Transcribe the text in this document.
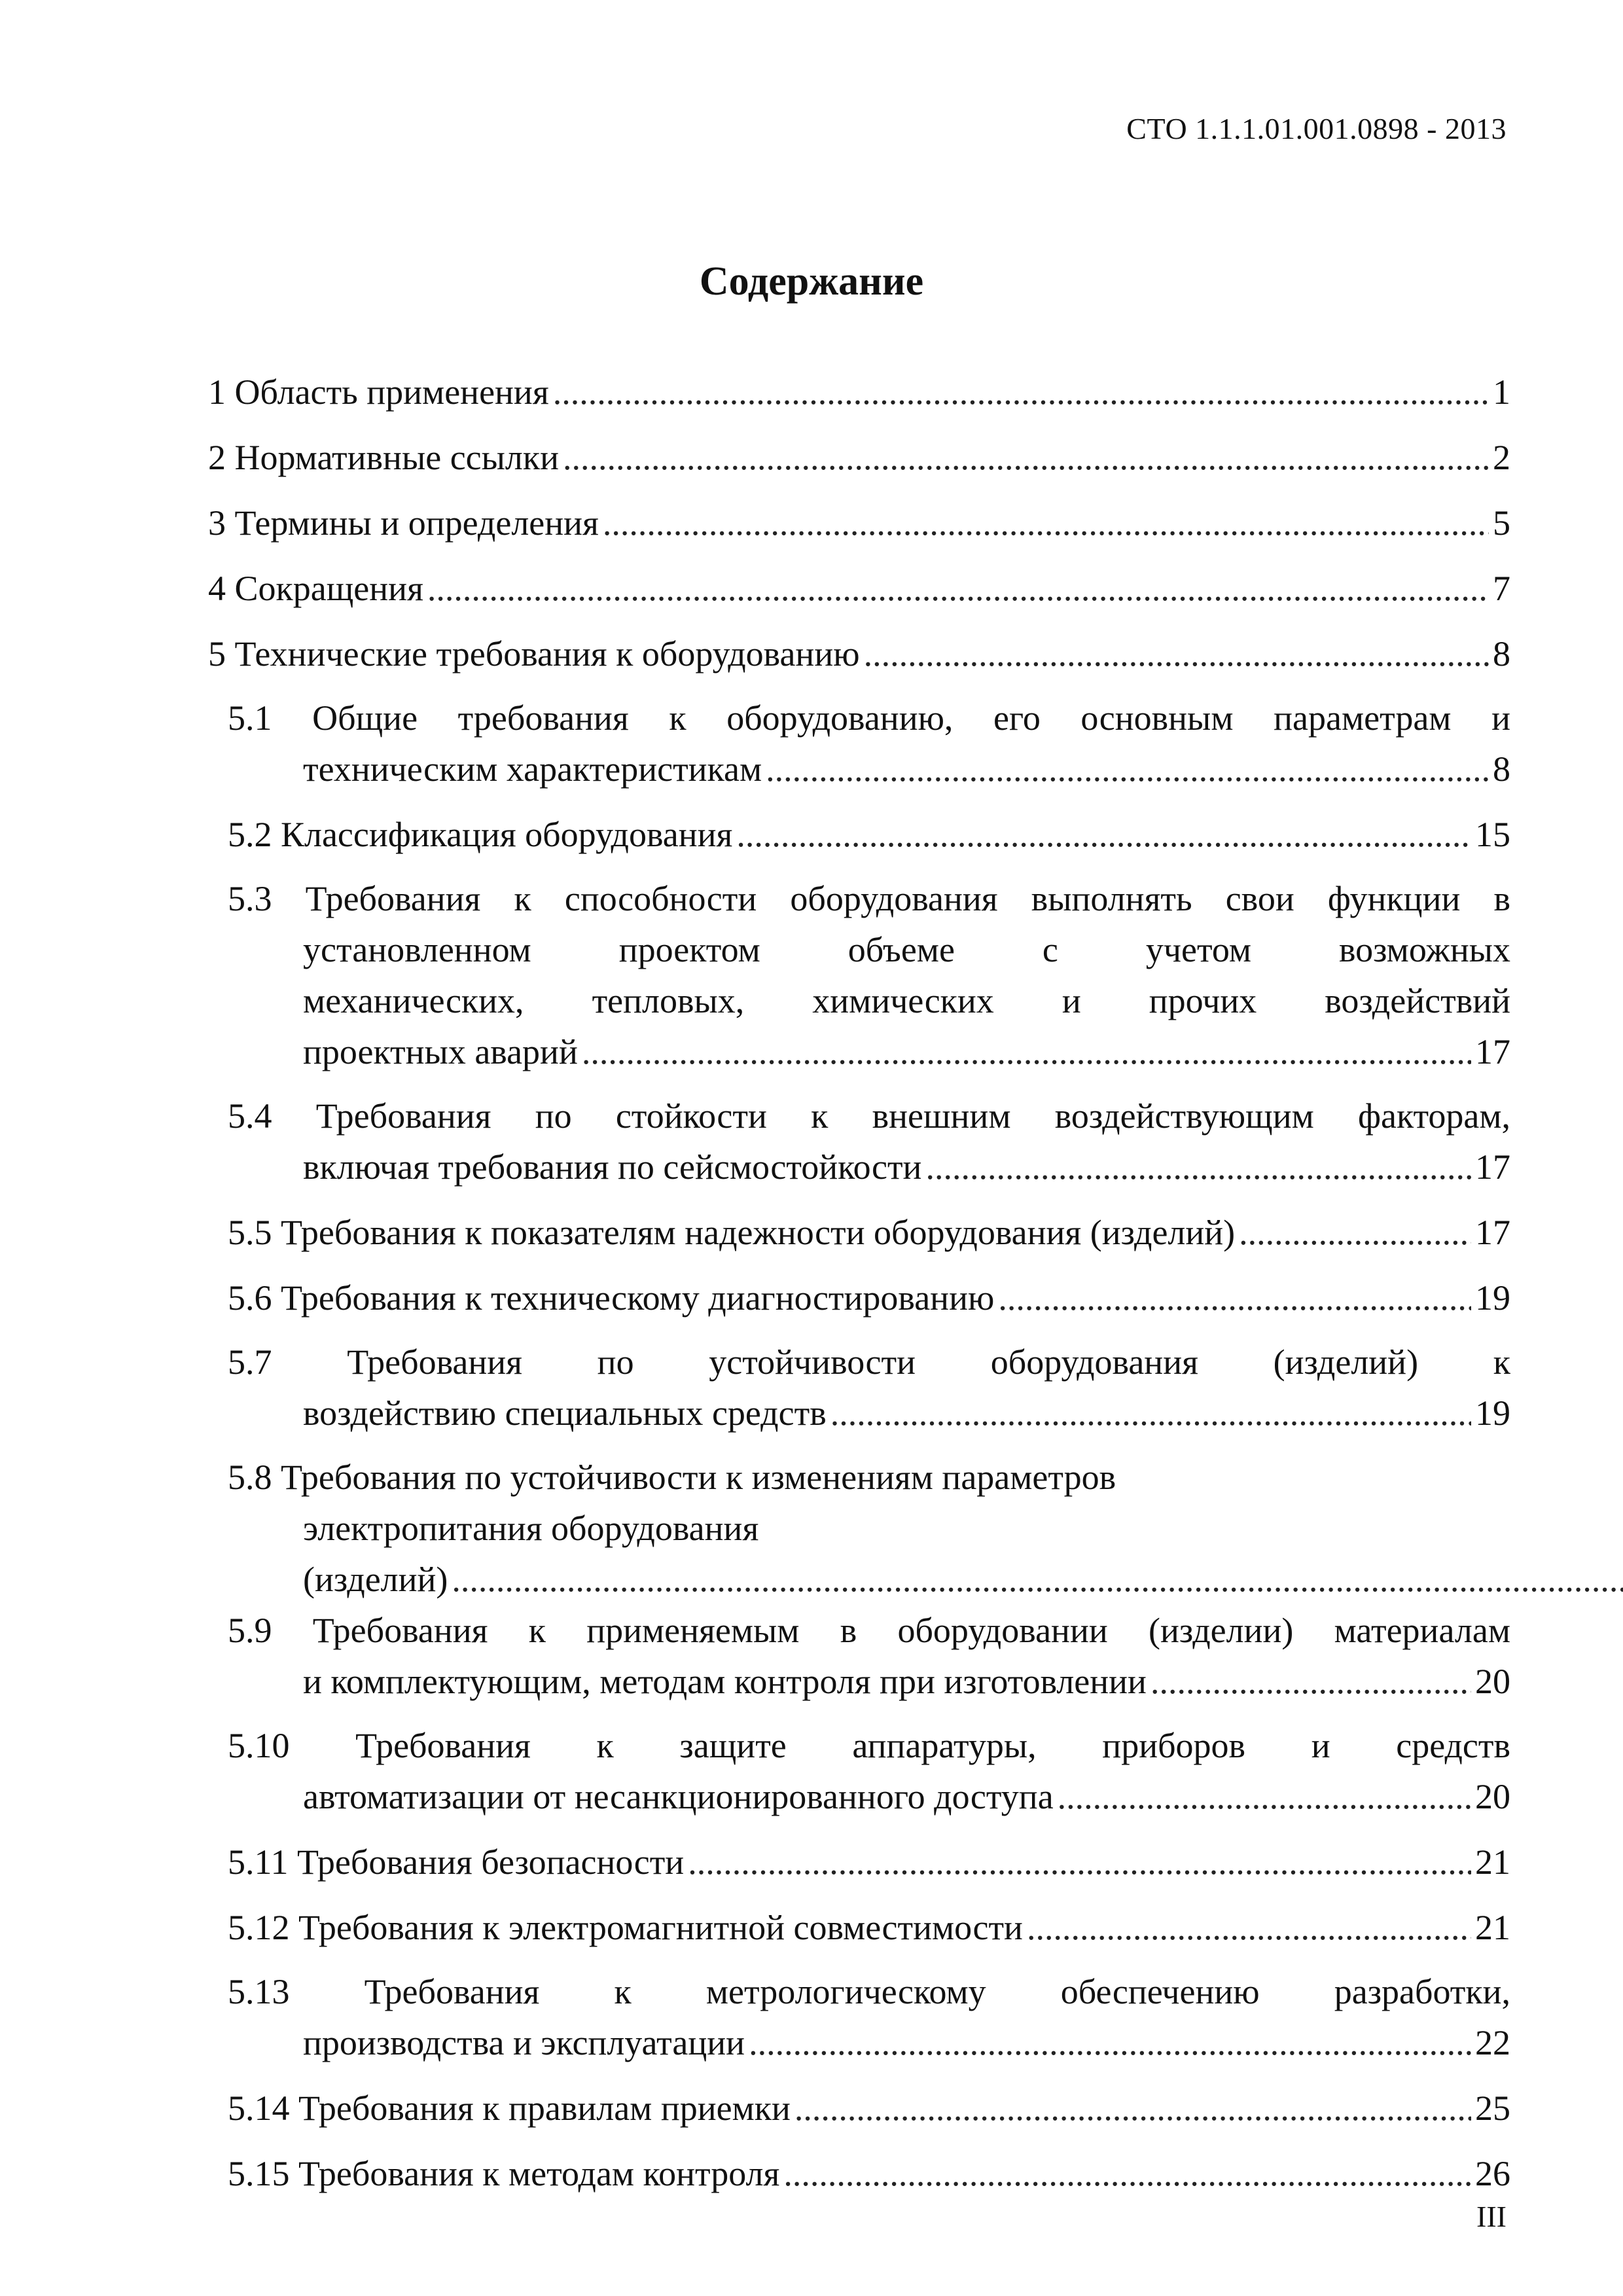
СТО 1.1.1.01.001.0898 - 2013
Содержание
1 Область применения .....	1
2 Нормативные ссылки .....	2
3 Термины и определения .....	5
4 Сокращения .....	7
5 Технические требования к оборудованию .....	8
5.1 Общие требования к оборудованию, его основным параметрам и
техническим характеристикам .....	8
5.2 Классификация оборудования .....	15
5.3 Требования к способности оборудования выполнять свои функции в
установленном проектом объеме с учетом возможных
механических, тепловых, химических и прочих воздействий
проектных аварий .....	17
5.4 Требования по стойкости к внешним воздействующим факторам,
включая требования по сейсмостойкости .....	17
5.5 Требования к показателям надежности оборудования (изделий) .....	17
5.6 Требования к техническому диагностированию .....	19
5.7 Требования по устойчивости оборудования (изделий) к
воздействию специальных средств .....	19
5.8 Требования по устойчивости к изменениям параметров
электропитания оборудования (изделий) .....
5.9 Требования к применяемым в оборудовании (изделии) материалам
и комплектующим, методам контроля при изготовлении .....	20
5.10 Требования к защите аппаратуры, приборов и средств
автоматизации от несанкционированного доступа .....	20
5.11 Требования безопасности .....	21
5.12 Требования к электромагнитной совместимости .....	21
5.13 Требования к метрологическому обеспечению разработки,
производства и эксплуатации .....	22
5.14 Требования к правилам приемки .....	25
5.15 Требования к методам контроля .....	26
III
